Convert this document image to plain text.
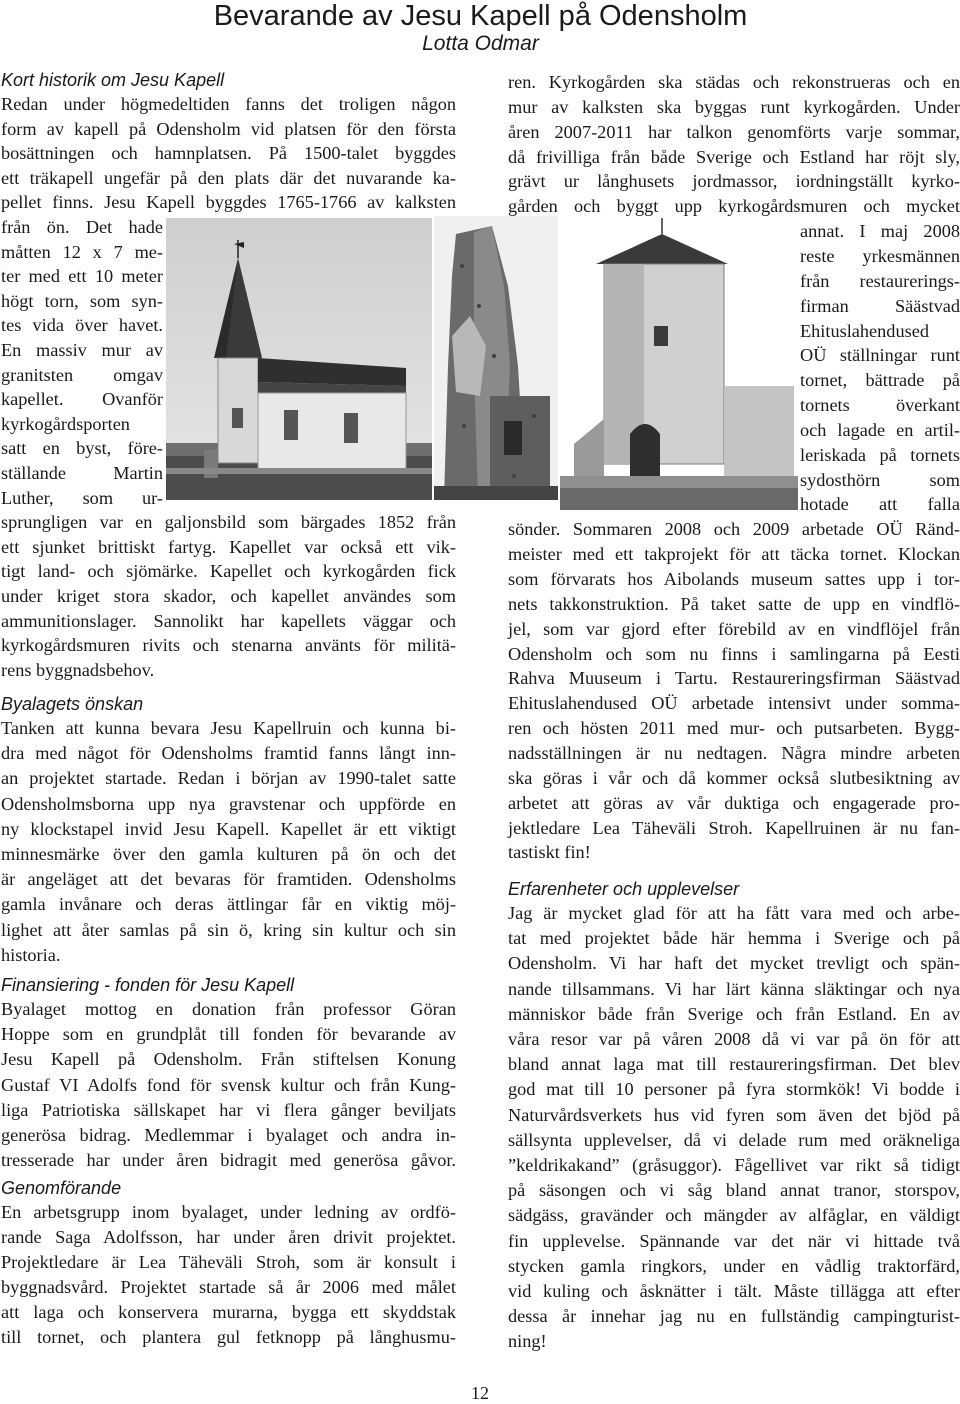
Bevarande av Jesu Kapell på Odensholm
Lotta Odmar
Kort historik om Jesu Kapell
Redan under högmedeltiden fanns det troligen någon
form av kapell på Odensholm vid platsen för den första
bosättningen och hamnplatsen. På 1500-talet byggdes
ett träkapell ungefär på den plats där det nuvarande ka-
pellet finns. Jesu Kapell byggdes 1765-1766 av kalksten
från ön. Det hade
måtten 12 x 7 me-
ter med ett 10 meter
högt torn, som syn-
tes vida över havet.
En massiv mur av
granitsten omgav
kapellet. Ovanför
kyrkogårdsporten
satt en byst, före-
ställande Martin
Luther, som ur-
sprungligen var en galjonsbild som bärgades 1852 från
ett sjunket brittiskt fartyg. Kapellet var också ett vik-
tigt land- och sjömärke. Kapellet och kyrkogården fick
under kriget stora skador, och kapellet användes som
ammunitionslager. Sannolikt har kapellets väggar och
kyrkogårdsmuren rivits och stenarna använts för militä-
rens byggnadsbehov.
Byalagets önskan
Tanken att kunna bevara Jesu Kapellruin och kunna bi-
dra med något för Odensholms framtid fanns långt inn-
an projektet startade. Redan i början av 1990-talet satte
Odensholmsborna upp nya gravstenar och uppförde en
ny klockstapel invid Jesu Kapell. Kapellet är ett viktigt
minnesmärke över den gamla kulturen på ön och det
är angeläget att det bevaras för framtiden. Odensholms
gamla invånare och deras ättlingar får en viktig möj-
lighet att åter samlas på sin ö, kring sin kultur och sin
historia.
Finansiering - fonden för Jesu Kapell
Byalaget mottog en donation från professor Göran
Hoppe som en grundplåt till fonden för bevarande av
Jesu Kapell på Odensholm. Från stiftelsen Konung
Gustaf VI Adolfs fond för svensk kultur och från Kung-
liga Patriotiska sällskapet har vi flera gånger beviljats
generösa bidrag. Medlemmar i byalaget och andra in-
tresserade har under åren bidragit med generösa gåvor.
Genomförande
En arbetsgrupp inom byalaget, under ledning av ordfö-
rande Saga Adolfsson, har under åren drivit projektet.
Projektledare är Lea Täheväli Stroh, som är konsult i
byggnadsvård. Projektet startade så år 2006 med målet
att laga och konservera murarna, bygga ett skyddstak
till tornet, och plantera gul fetknopp på långhusmu-
ren. Kyrkogården ska städas och rekonstrueras och en
mur av kalksten ska byggas runt kyrkogården. Under
åren 2007-2011 har talkon genomförts varje sommar,
då frivilliga från både Sverige och Estland har röjt sly,
grävt ur långhusets jordmassor, iordningställt kyrko-
gården och byggt upp kyrkogårdsmuren och mycket
annat. I maj 2008
reste yrkesmännen
från restaurerings-
firman Säästvad
Ehituslahendused
OÜ ställningar runt
tornet, bättrade på
tornets överkant
och lagade en artil-
leriskada på tornets
sydosthörn som
hotade att falla
sönder. Sommaren 2008 och 2009 arbetade OÜ Ränd-
meister med ett takprojekt för att täcka tornet. Klockan
som förvarats hos Aibolands museum sattes upp i tor-
nets takkonstruktion. På taket satte de upp en vindflö-
jel, som var gjord efter förebild av en vindflöjel från
Odensholm och som nu finns i samlingarna på Eesti
Rahva Muuseum i Tartu. Restaureringsfirman Säästvad
Ehituslahendused OÜ arbetade intensivt under somma-
ren och hösten 2011 med mur- och putsarbeten. Bygg-
nadsställningen är nu nedtagen. Några mindre arbeten
ska göras i vår och då kommer också slutbesiktning av
arbetet att göras av vår duktiga och engagerade pro-
jektledare Lea Täheväli Stroh. Kapellruinen är nu fan-
tastiskt fin!
Erfarenheter och upplevelser
Jag är mycket glad för att ha fått vara med och arbe-
tat med projektet både här hemma i Sverige och på
Odensholm. Vi har haft det mycket trevligt och spän-
nande tillsammans. Vi har lärt känna släktingar och nya
människor både från Sverige och från Estland. En av
våra resor var på våren 2008 då vi var på ön för att
bland annat laga mat till restaureringsfirman. Det blev
god mat till 10 personer på fyra stormkök! Vi bodde i
Naturvårdsverkets hus vid fyren som även det bjöd på
sällsynta upplevelser, då vi delade rum med oräkneliga
”keldrikakand” (gråsuggor). Fågellivet var rikt så tidigt
på säsongen och vi såg bland annat tranor, storspov,
sädgäss, gravänder och mängder av alfåglar, en väldigt
fin upplevelse. Spännande var det när vi hittade två
stycken gamla ringkors, under en vådlig traktorfärd,
vid kuling och åsknätter i tält. Måste tillägga att efter
dessa år innehar jag nu en fullständig campingturist-
ning!
12
